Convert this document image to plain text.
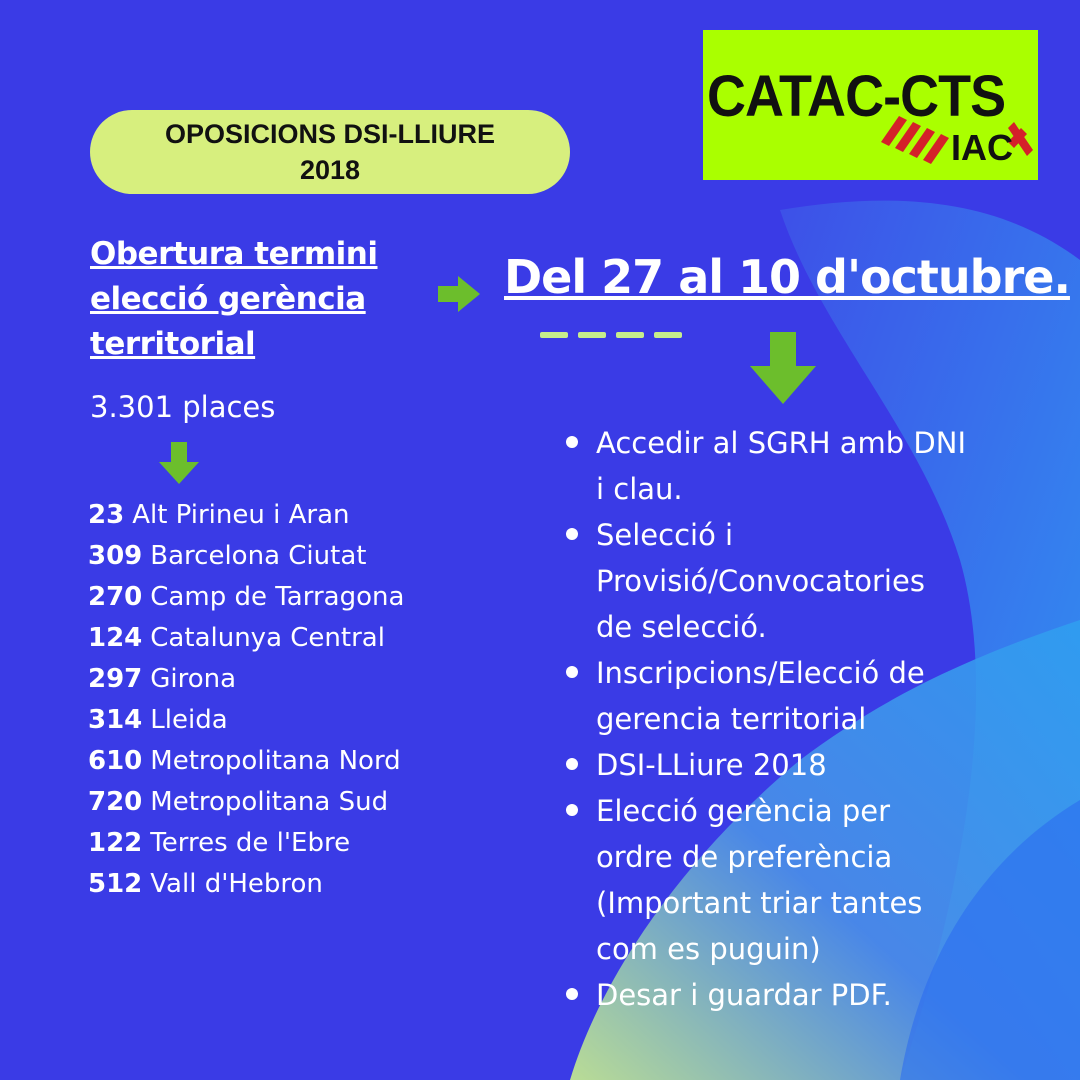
OPOSICIONS DSI-LLIURE
2018
CATAC-CTS
IAC
Obertura termini
elecció gerència
territorial
Del 27 al 10 d'octubre.
3.301 places
23 Alt Pirineu i Aran
309 Barcelona Ciutat
270 Camp de Tarragona
124 Catalunya Central
297 Girona
314 Lleida
610 Metropolitana Nord
720 Metropolitana Sud
122 Terres de l'Ebre
512 Vall d'Hebron
Accedir al SGRH amb DNI
i clau.
Selecció i
Provisió/Convocatories
de selecció.
Inscripcions/Elecció de
gerencia territorial
DSI-LLiure 2018
Elecció gerència per
ordre de preferència
(Important triar tantes
com es puguin)
Desar i guardar PDF.
